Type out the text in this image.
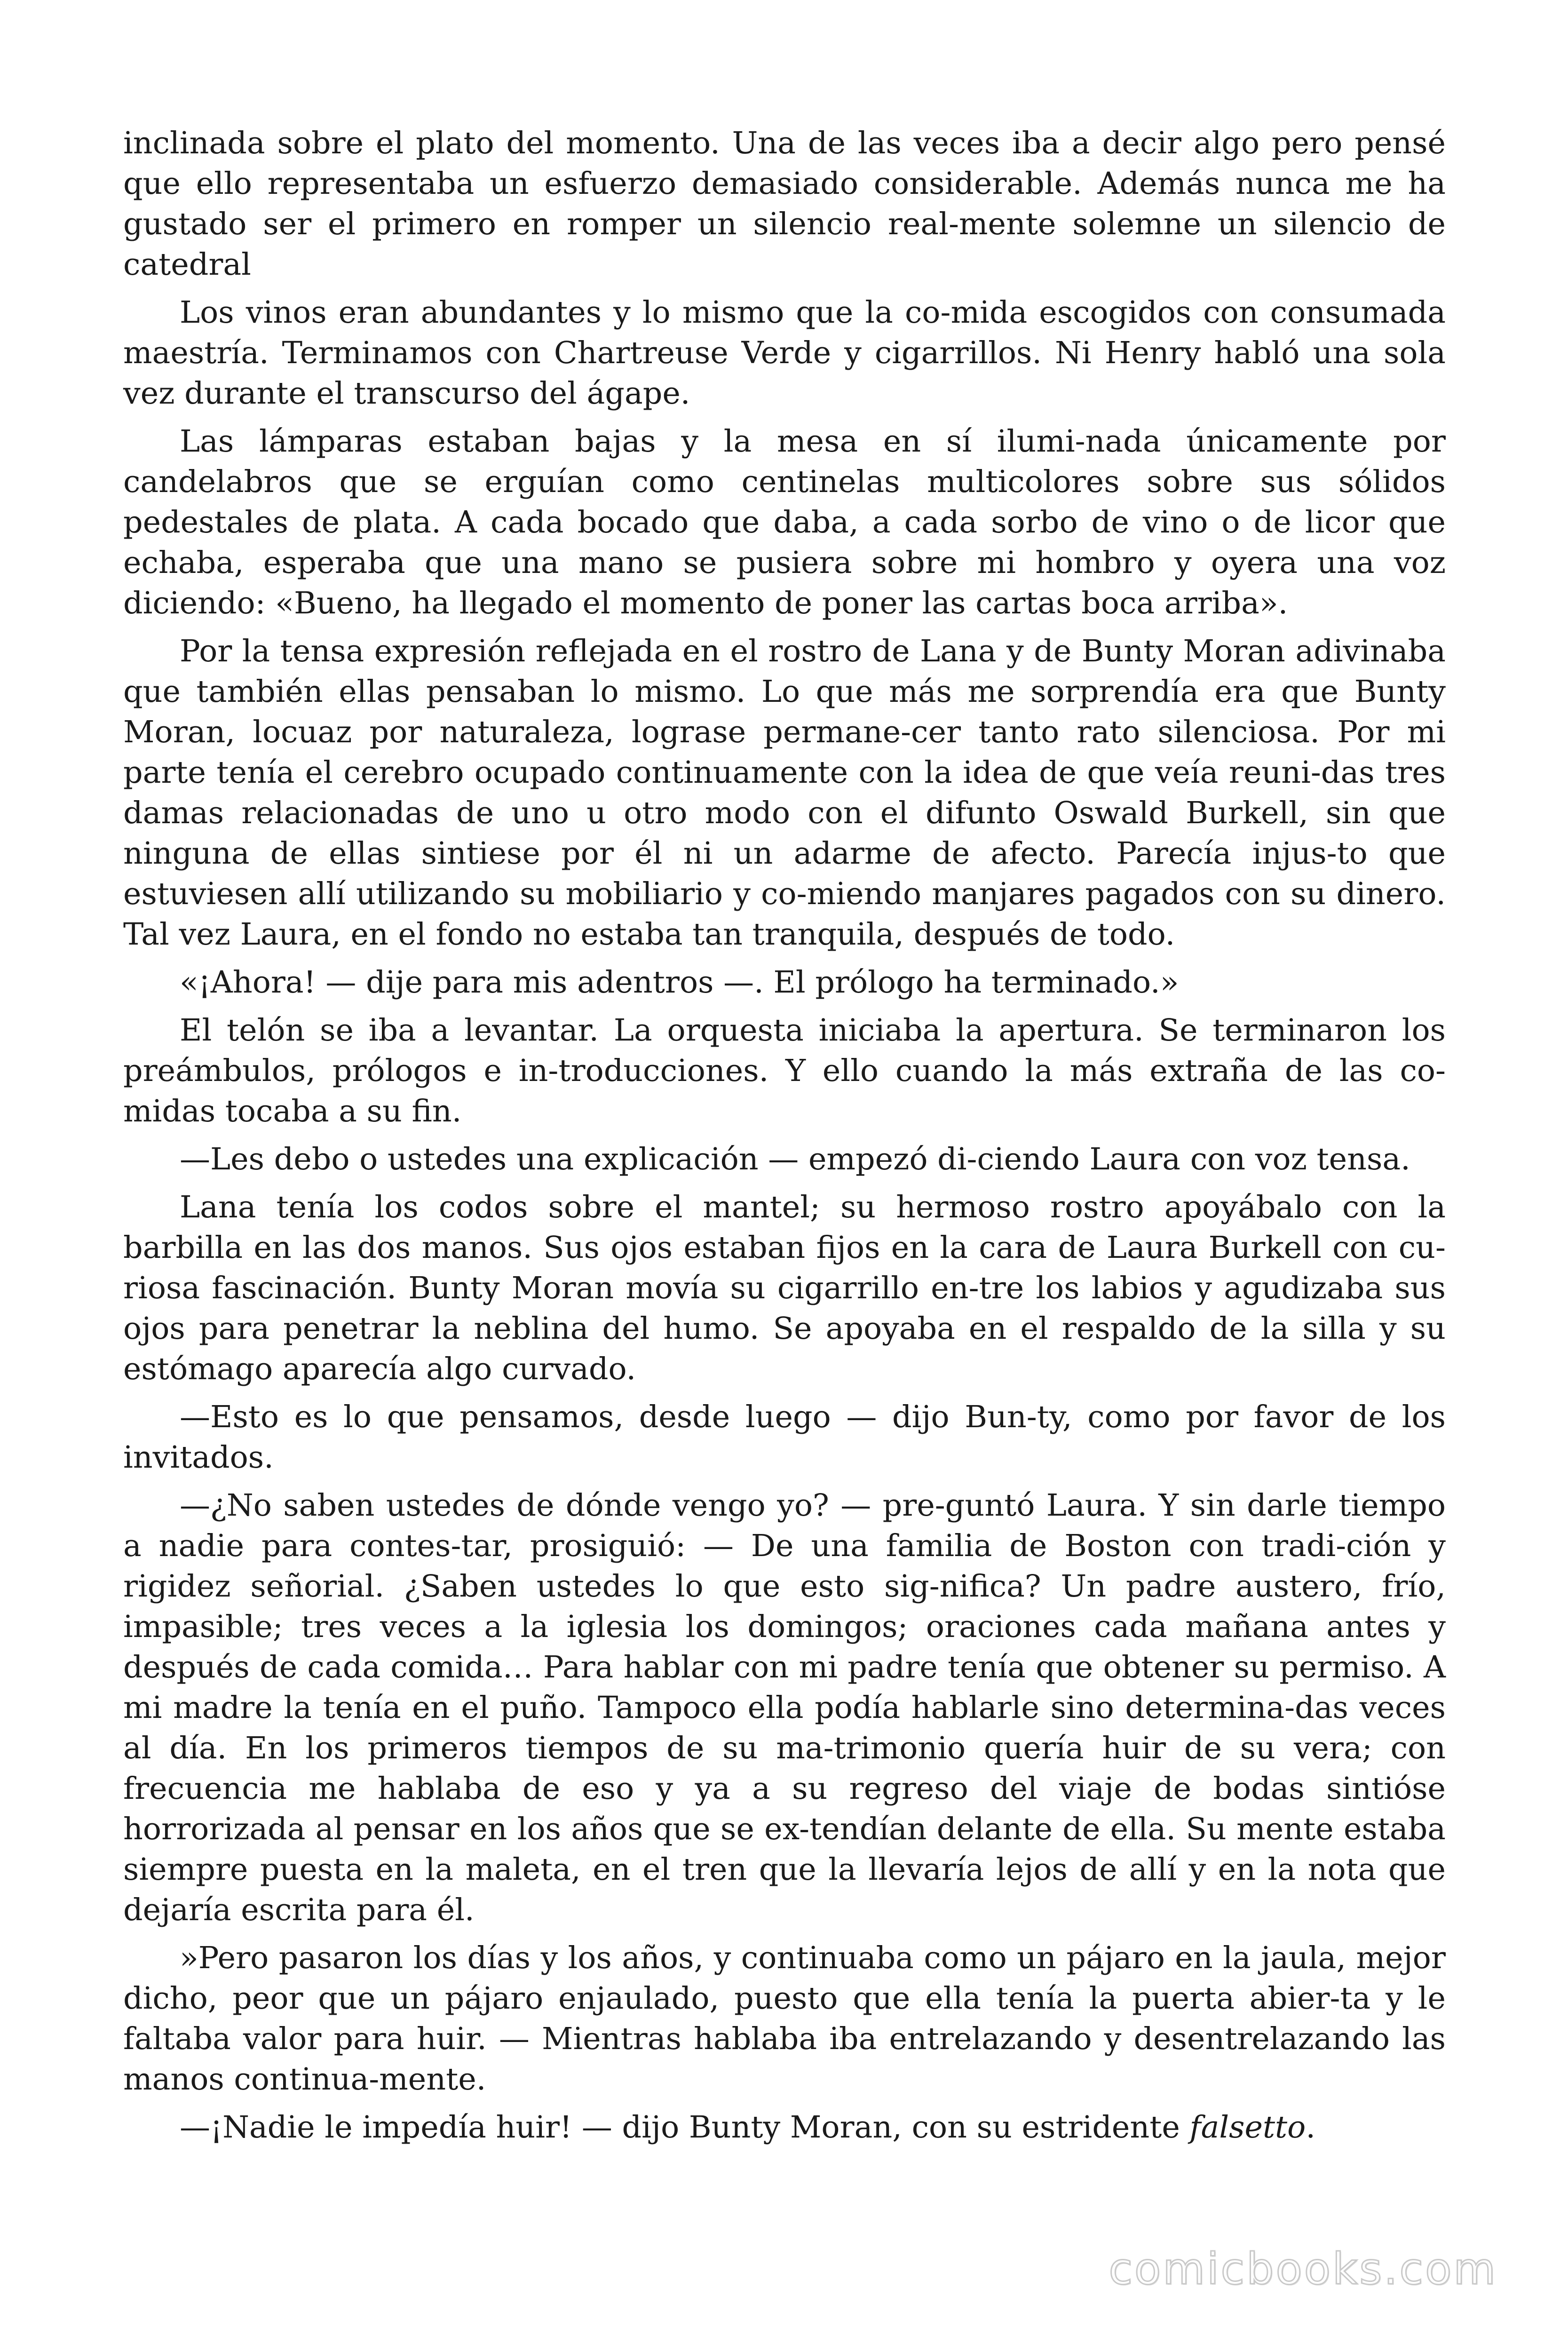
inclinada sobre el plato del momento. Una de las veces iba a decir algo pero pensé que ello representaba un esfuerzo demasiado considerable. Además nunca me ha gustado ser el primero en romper un silencio real-mente solemne un silencio de catedral

Los vinos eran abundantes y lo mismo que la co-mida escogidos con consumada maestría. Terminamos con Chartreuse Verde y cigarrillos. Ni Henry habló una sola vez durante el transcurso del ágape.

Las lámparas estaban bajas y la mesa en sí ilumi-nada únicamente por candelabros que se erguían como centinelas multicolores sobre sus sólidos pedestales de plata. A cada bocado que daba, a cada sorbo de vino o de licor que echaba, esperaba que una mano se pusiera sobre mi hombro y oyera una voz diciendo: «Bueno, ha llegado el momento de poner las cartas boca arriba».

Por la tensa expresión reflejada en el rostro de Lana y de Bunty Moran adivinaba que también ellas pensaban lo mismo. Lo que más me sorprendía era que Bunty Moran, locuaz por naturaleza, lograse permane-cer tanto rato silenciosa. Por mi parte tenía el cerebro ocupado continuamente con la idea de que veía reuni-das tres damas relacionadas de uno u otro modo con el difunto Oswald Burkell, sin que ninguna de ellas sintiese por él ni un adarme de afecto. Parecía injus-to que estuviesen allí utilizando su mobiliario y co-miendo manjares pagados con su dinero. Tal vez Laura, en el fondo no estaba tan tranquila, después de todo.

«¡Ahora! — dije para mis adentros —. El prólogo ha terminado.»

El telón se iba a levantar. La orquesta iniciaba la apertura. Se terminaron los preámbulos, prólogos e in-troducciones. Y ello cuando la más extraña de las co-midas tocaba a su fin.

—Les debo o ustedes una explicación — empezó di-ciendo Laura con voz tensa.

Lana tenía los codos sobre el mantel; su hermoso rostro apoyábalo con la barbilla en las dos manos. Sus ojos estaban fijos en la cara de Laura Burkell con cu-riosa fascinación. Bunty Moran movía su cigarrillo en-tre los labios y agudizaba sus ojos para penetrar la neblina del humo. Se apoyaba en el respaldo de la silla y su estómago aparecía algo curvado.

—Esto es lo que pensamos, desde luego — dijo Bun-ty, como por favor de los invitados.

—¿No saben ustedes de dónde vengo yo? — pre-guntó Laura. Y sin darle tiempo a nadie para contes-tar, prosiguió: — De una familia de Boston con tradi-ción y rigidez señorial. ¿Saben ustedes lo que esto sig-nifica? Un padre austero, frío, impasible; tres veces a la iglesia los domingos; oraciones cada mañana antes y después de cada comida… Para hablar con mi padre tenía que obtener su permiso. A mi madre la tenía en el puño. Tampoco ella podía hablarle sino determina-das veces al día. En los primeros tiempos de su ma-trimonio quería huir de su vera; con frecuencia me hablaba de eso y ya a su regreso del viaje de bodas sintióse horrorizada al pensar en los años que se ex-tendían delante de ella. Su mente estaba siempre puesta en la maleta, en el tren que la llevaría lejos de allí y en la nota que dejaría escrita para él.

»Pero pasaron los días y los años, y continuaba como un pájaro en la jaula, mejor dicho, peor que un pájaro enjaulado, puesto que ella tenía la puerta abier-ta y le faltaba valor para huir. — Mientras hablaba iba entrelazando y desentrelazando las manos continua-mente.

—¡Nadie le impedía huir! — dijo Bunty Moran, con su estridente falsetto.

comicbooks.com
